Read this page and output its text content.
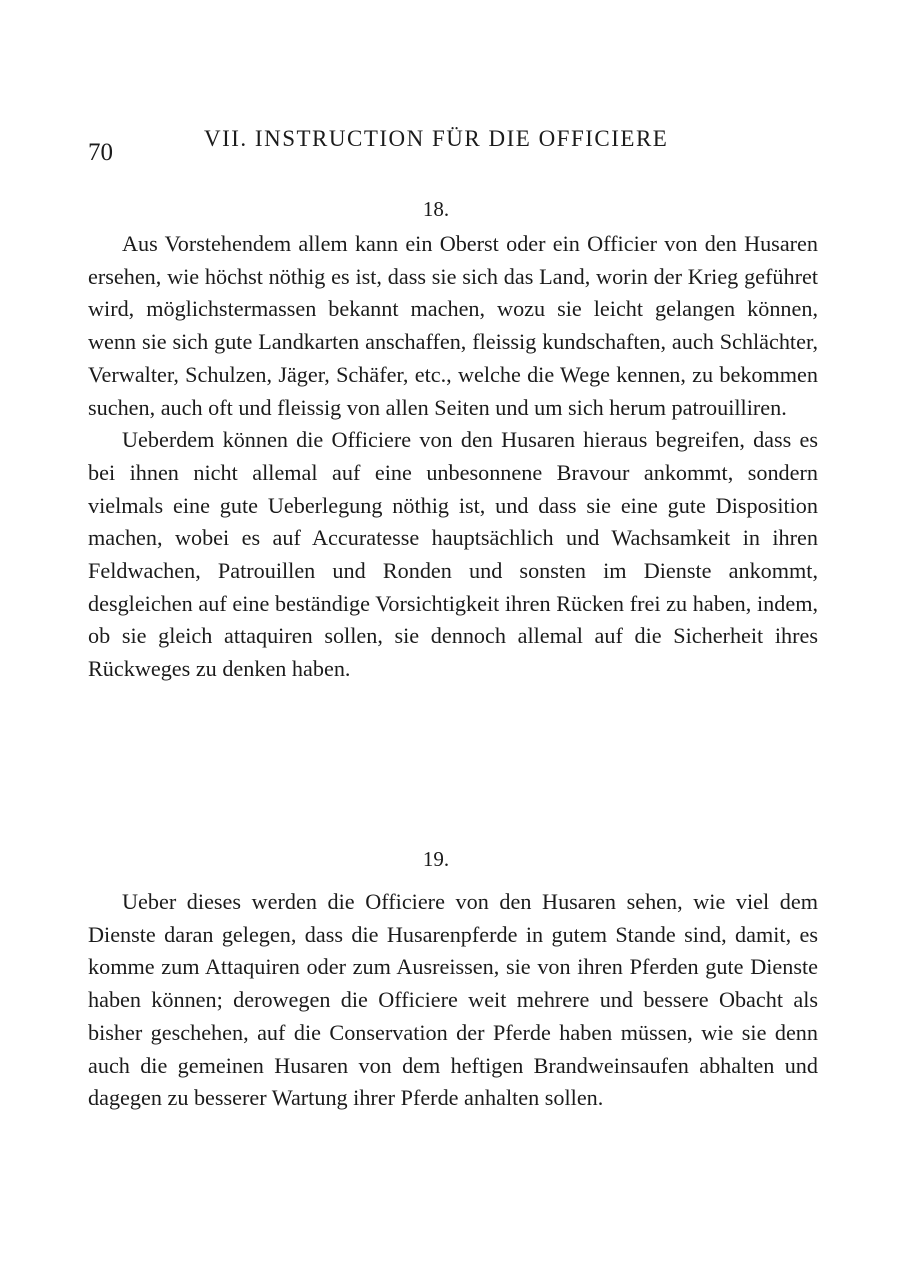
70
VII. INSTRUCTION FÜR DIE OFFICIERE
18.

Aus Vorstehendem allem kann ein Oberst oder ein Officier von den Husaren ersehen, wie höchst nöthig es ist, dass sie sich das Land, worin der Krieg geführet wird, möglichstermassen bekannt machen, wozu sie leicht gelangen können, wenn sie sich gute Landkarten anschaffen, fleissig kundschaften, auch Schlächter, Verwalter, Schulzen, Jäger, Schäfer, etc., welche die Wege kennen, zu bekommen suchen, auch oft und fleissig von allen Seiten und um sich herum patrouilliren.

Ueberdem können die Officiere von den Husaren hieraus begreifen, dass es bei ihnen nicht allemal auf eine unbesonnene Bravour ankommt, sondern vielmals eine gute Ueberlegung nöthig ist, und dass sie eine gute Disposition machen, wobei es auf Accuratesse hauptsächlich und Wachsamkeit in ihren Feldwachen, Patrouillen und Ronden und sonsten im Dienste ankommt, desgleichen auf eine beständige Vorsichtigkeit ihren Rücken frei zu haben, indem, ob sie gleich attaquiren sollen, sie dennoch allemal auf die Sicherheit ihres Rückweges zu denken haben.

19.

Ueber dieses werden die Officiere von den Husaren sehen, wie viel dem Dienste daran gelegen, dass die Husarenpferde in gutem Stande sind, damit, es komme zum Attaquiren oder zum Ausreissen, sie von ihren Pferden gute Dienste haben können; derowegen die Officiere weit mehrere und bessere Obacht als bisher geschehen, auf die Conservation der Pferde haben müssen, wie sie denn auch die gemeinen Husaren von dem heftigen Brandweinsaufen abhalten und dagegen zu besserer Wartung ihrer Pferde anhalten sollen.
